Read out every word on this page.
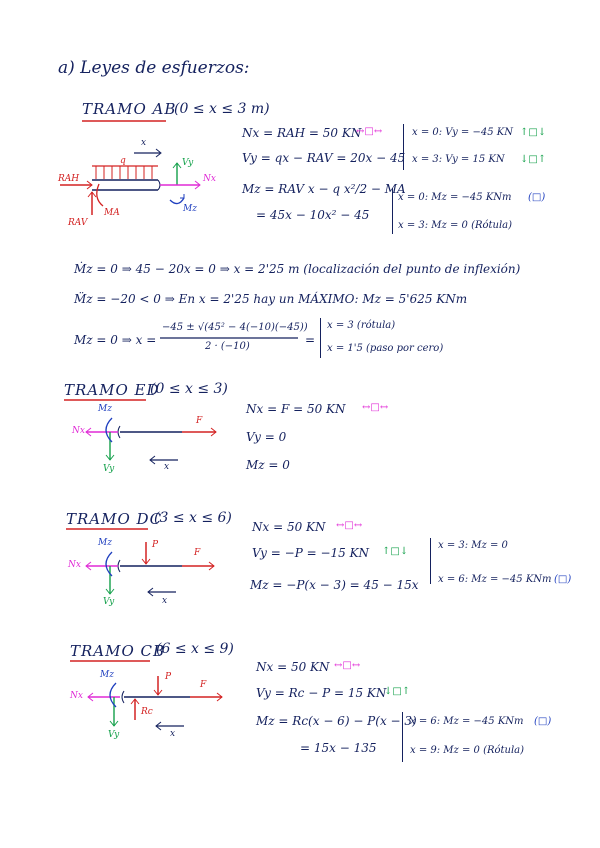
a) Leyes de esfuerzos:
TRAMO AB
(0 ≤ x ≤ 3 m)
q
x
RAH
RAV
MA
Vy
Nx
Mz
Nx = RAH = 50 KN
↔□↔
Vy = qx − RAV = 20x − 45
x = 0: Vy = −45 KN ↑□↓
x = 3: Vy = 15 KN ↓□↑
Mz = RAV x − q x²/2 − MA
= 45x − 10x² − 45
x = 0: Mz = −45 KNm (□)
x = 3: Mz = 0 (Rótula)
Ṁz = 0 ⇒ 45 − 20x = 0 ⇒ x = 2'25 m (localización del punto de inflexión)
M̈z = −20 < 0 ⇒ En x = 2'25 hay un MÁXIMO: Mz = 5'625 KNm
Mz = 0 ⇒ x =
−45 ± √(45² − 4(−10)(−45))
2 · (−10)	=
x = 3 (rótula)
x = 1'5 (paso por cero)
TRAMO ED
(0 ≤ x ≤ 3)
Mz
Nx
Vy
F
x
Nx = F = 50 KN ↔□↔
Vy = 0
Mz = 0
TRAMO DC
(3 ≤ x ≤ 6)
Mz
Nx
Vy
P
F
x
Nx = 50 KN ↔□↔
Vy = −P = −15 KN ↑□↓
Mz = −P(x − 3) = 45 − 15x
x = 3: Mz = 0
x = 6: Mz = −45 KNm (□)
TRAMO CB
(6 ≤ x ≤ 9)
Mz
Nx
Vy
P
F
Rc
x
Nx = 50 KN ↔□↔
Vy = Rc − P = 15 KN
↓□↑
Mz = Rc(x − 6) − P(x − 3)
= 15x − 135
x = 6: Mz = −45 KNm (□)
x = 9: Mz = 0 (Rótula)
